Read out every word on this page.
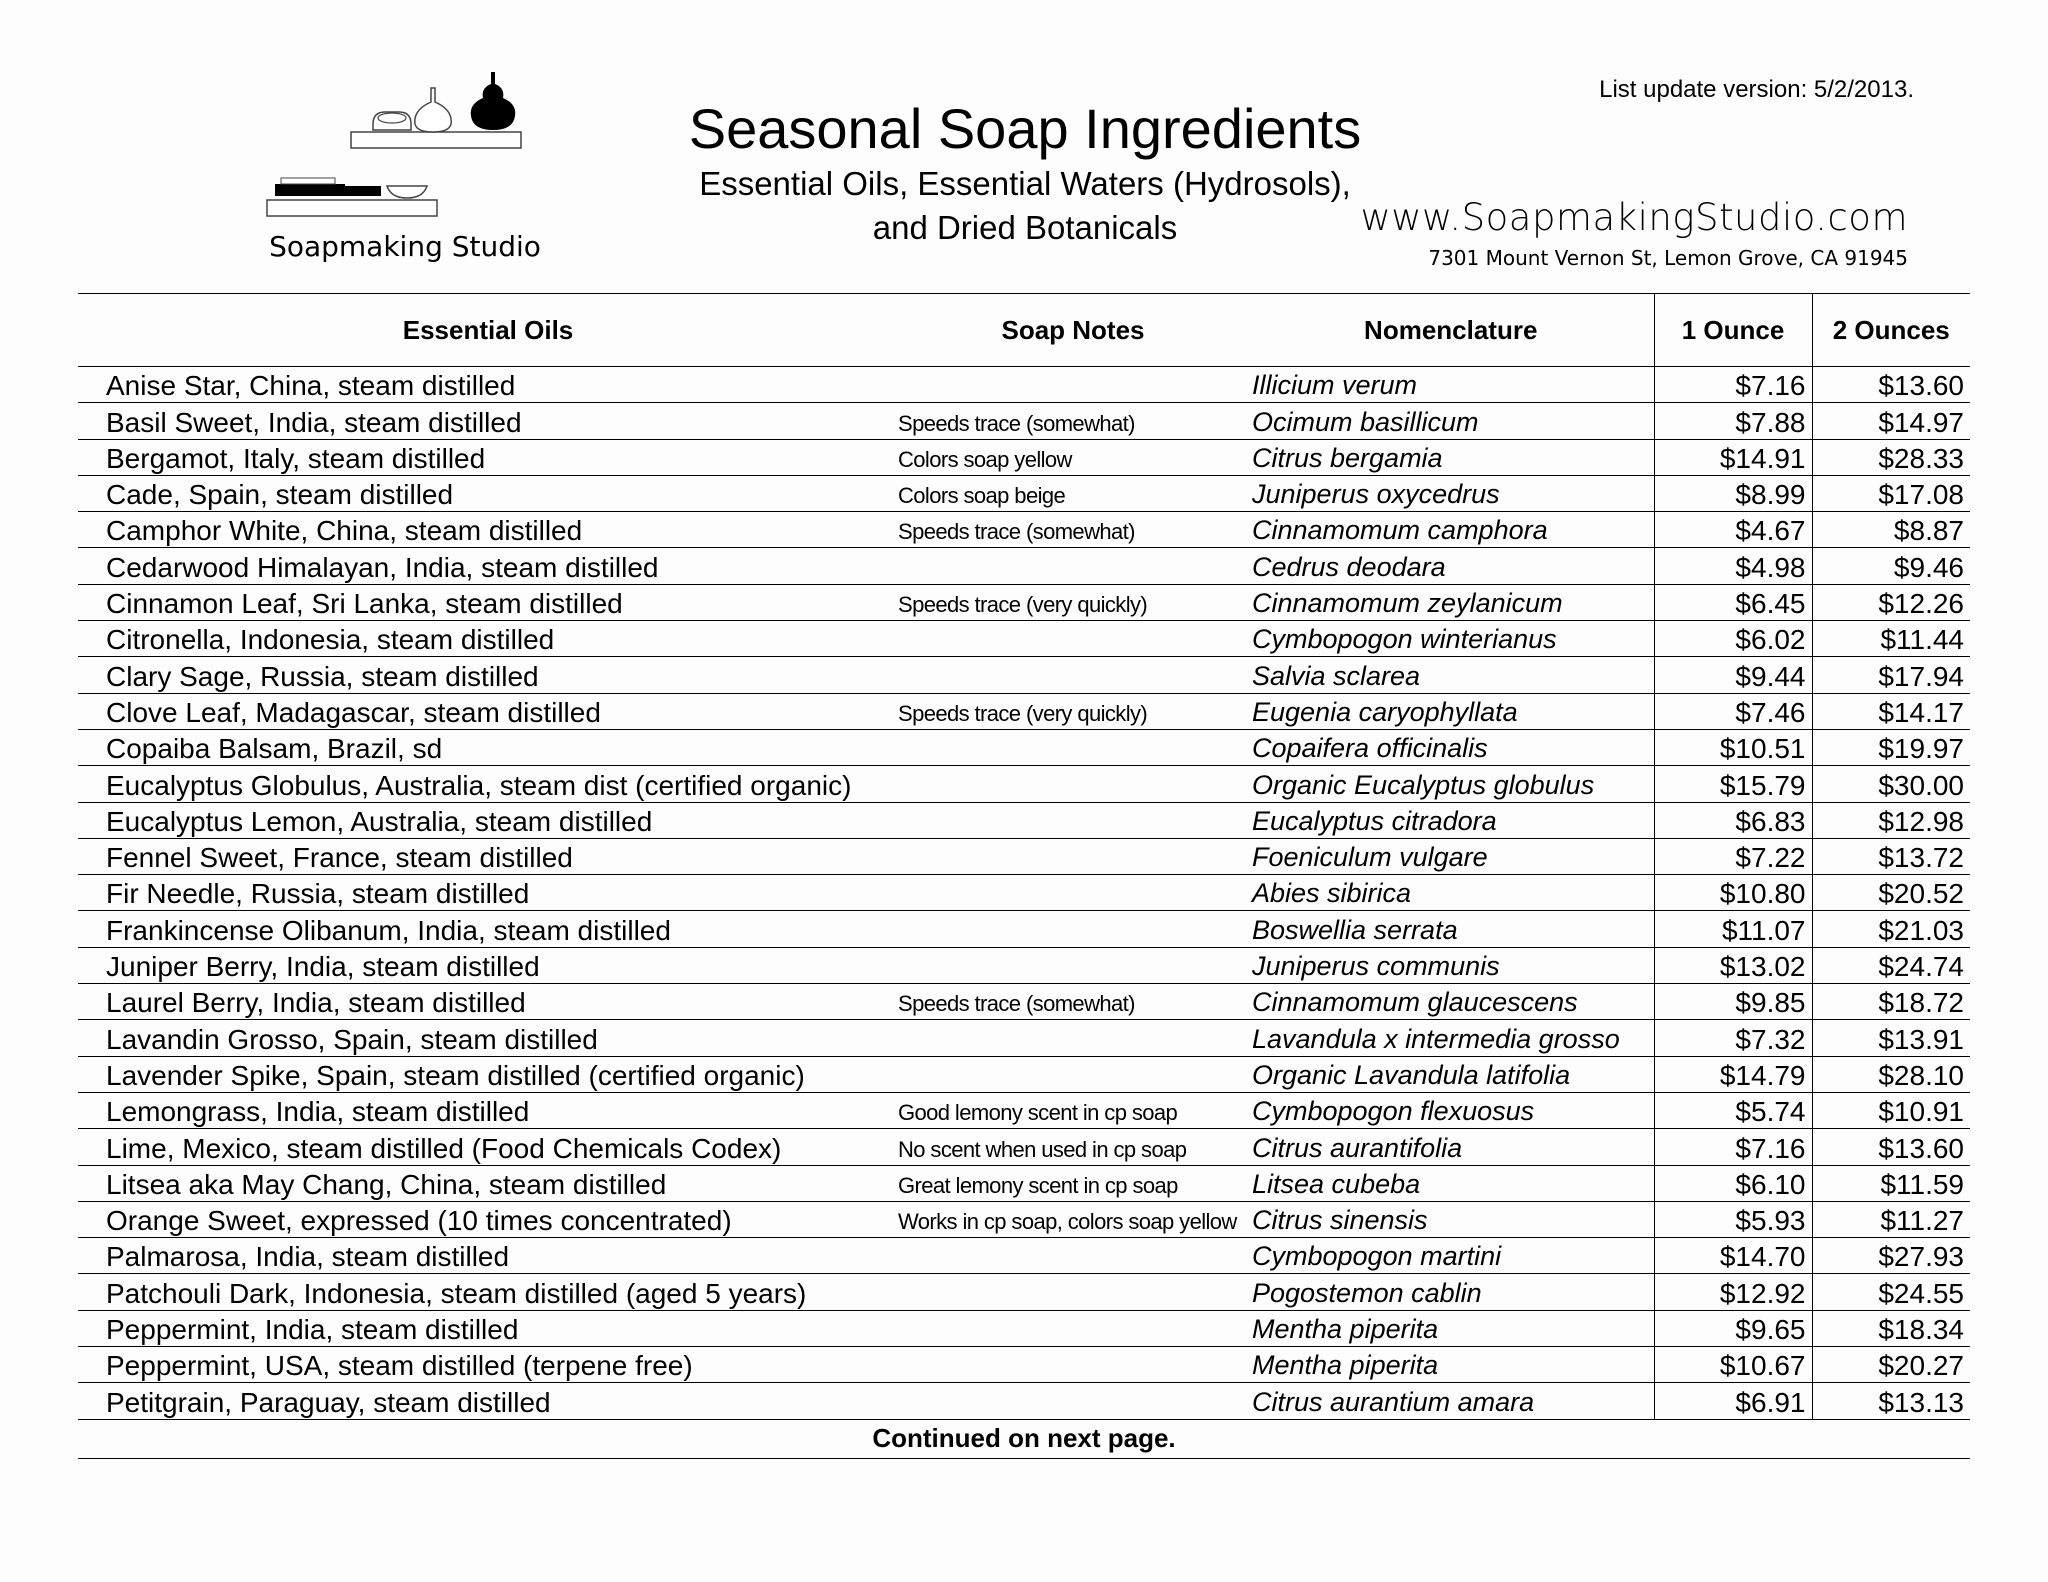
Soapmaking Studio
Seasonal Soap Ingredients
Essential Oils, Essential Waters (Hydrosols),
and Dried Botanicals
List update version: 5/2/2013.
www.SoapmakingStudio.com
7301 Mount Vernon St, Lemon Grove, CA 91945
Essential Oils	Soap Notes	Nomenclature	1 Ounce	2 Ounces
Anise Star, China, steam distilled		Illicium verum	$7.16	$13.60
Basil Sweet, India, steam distilled	Speeds trace (somewhat)	Ocimum basillicum	$7.88	$14.97
Bergamot, Italy, steam distilled	Colors soap yellow	Citrus bergamia	$14.91	$28.33
Cade, Spain, steam distilled	Colors soap beige	Juniperus oxycedrus	$8.99	$17.08
Camphor White, China, steam distilled	Speeds trace (somewhat)	Cinnamomum camphora	$4.67	$8.87
Cedarwood Himalayan, India, steam distilled		Cedrus deodara	$4.98	$9.46
Cinnamon Leaf, Sri Lanka, steam distilled	Speeds trace (very quickly)	Cinnamomum zeylanicum	$6.45	$12.26
Citronella, Indonesia, steam distilled		Cymbopogon winterianus	$6.02	$11.44
Clary Sage, Russia, steam distilled		Salvia sclarea	$9.44	$17.94
Clove Leaf, Madagascar, steam distilled	Speeds trace (very quickly)	Eugenia caryophyllata	$7.46	$14.17
Copaiba Balsam, Brazil, sd		Copaifera officinalis	$10.51	$19.97
Eucalyptus Globulus, Australia, steam dist (certified organic)		Organic Eucalyptus globulus	$15.79	$30.00
Eucalyptus Lemon, Australia, steam distilled		Eucalyptus citradora	$6.83	$12.98
Fennel Sweet, France, steam distilled		Foeniculum vulgare	$7.22	$13.72
Fir Needle, Russia, steam distilled		Abies sibirica	$10.80	$20.52
Frankincense Olibanum, India, steam distilled		Boswellia serrata	$11.07	$21.03
Juniper Berry, India, steam distilled		Juniperus communis	$13.02	$24.74
Laurel Berry, India, steam distilled	Speeds trace (somewhat)	Cinnamomum glaucescens	$9.85	$18.72
Lavandin Grosso, Spain, steam distilled		Lavandula x intermedia grosso	$7.32	$13.91
Lavender Spike, Spain, steam distilled (certified organic)		Organic Lavandula latifolia	$14.79	$28.10
Lemongrass, India, steam distilled	Good lemony scent in cp soap	Cymbopogon flexuosus	$5.74	$10.91
Lime, Mexico, steam distilled (Food Chemicals Codex)	No scent when used in cp soap	Citrus aurantifolia	$7.16	$13.60
Litsea aka May Chang, China, steam distilled	Great lemony scent in cp soap	Litsea cubeba	$6.10	$11.59
Orange Sweet, expressed (10 times concentrated)	Works in cp soap, colors soap yellow	Citrus sinensis	$5.93	$11.27
Palmarosa, India, steam distilled		Cymbopogon martini	$14.70	$27.93
Patchouli Dark, Indonesia, steam distilled (aged 5 years)		Pogostemon cablin	$12.92	$24.55
Peppermint, India, steam distilled		Mentha piperita	$9.65	$18.34
Peppermint, USA, steam distilled (terpene free)		Mentha piperita	$10.67	$20.27
Petitgrain, Paraguay, steam distilled		Citrus aurantium amara	$6.91	$13.13
Continued on next page.
